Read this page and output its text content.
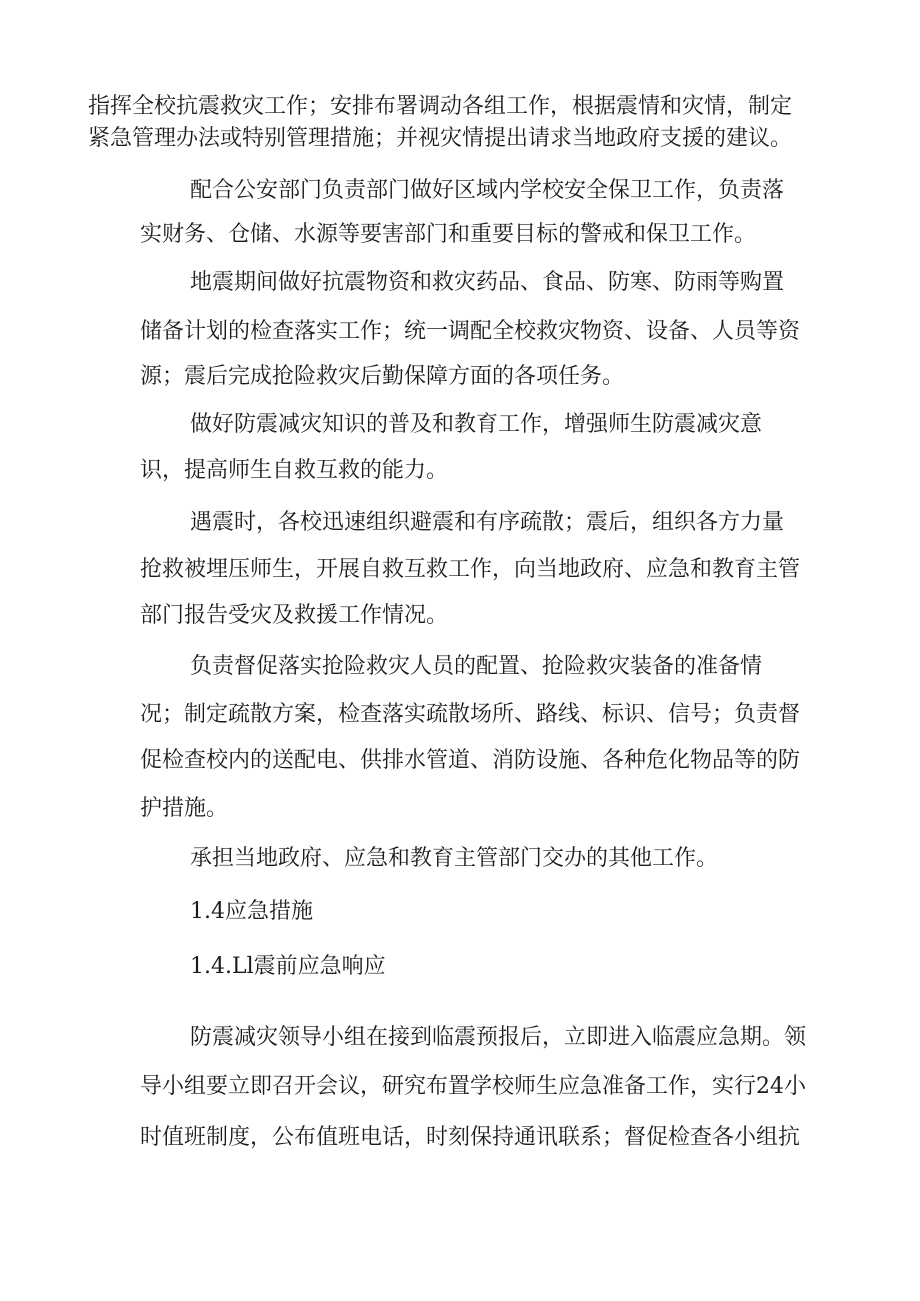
指挥全校抗震救灾工作；安排布署调动各组工作，根据震情和灾情，制定
紧急管理办法或特别管理措施；并视灾情提出请求当地政府支援的建议。
配合公安部门负责部门做好区域内学校安全保卫工作，负责落
实财务、仓储、水源等要害部门和重要目标的警戒和保卫工作。
地震期间做好抗震物资和救灾药品、食品、防寒、防雨等购置
储备计划的检查落实工作；统一调配全校救灾物资、设备、人员等资
源；震后完成抢险救灾后勤保障方面的各项任务。
做好防震减灾知识的普及和教育工作，增强师生防震减灾意
识，提高师生自救互救的能力。
遇震时，各校迅速组织避震和有序疏散；震后，组织各方力量
抢救被埋压师生，开展自救互救工作，向当地政府、应急和教育主管
部门报告受灾及救援工作情况。
负责督促落实抢险救灾人员的配置、抢险救灾装备的准备情
况；制定疏散方案，检查落实疏散场所、路线、标识、信号；负责督
促检查校内的送配电、供排水管道、消防设施、各种危化物品等的防
护措施。
承担当地政府、应急和教育主管部门交办的其他工作。
1.4应急措施
1.4.Ll震前应急响应
防震减灾领导小组在接到临震预报后，立即进入临震应急期。领
导小组要立即召开会议，研究布置学校师生应急准备工作，实行24小
时值班制度，公布值班电话，时刻保持通讯联系；督促检查各小组抗
